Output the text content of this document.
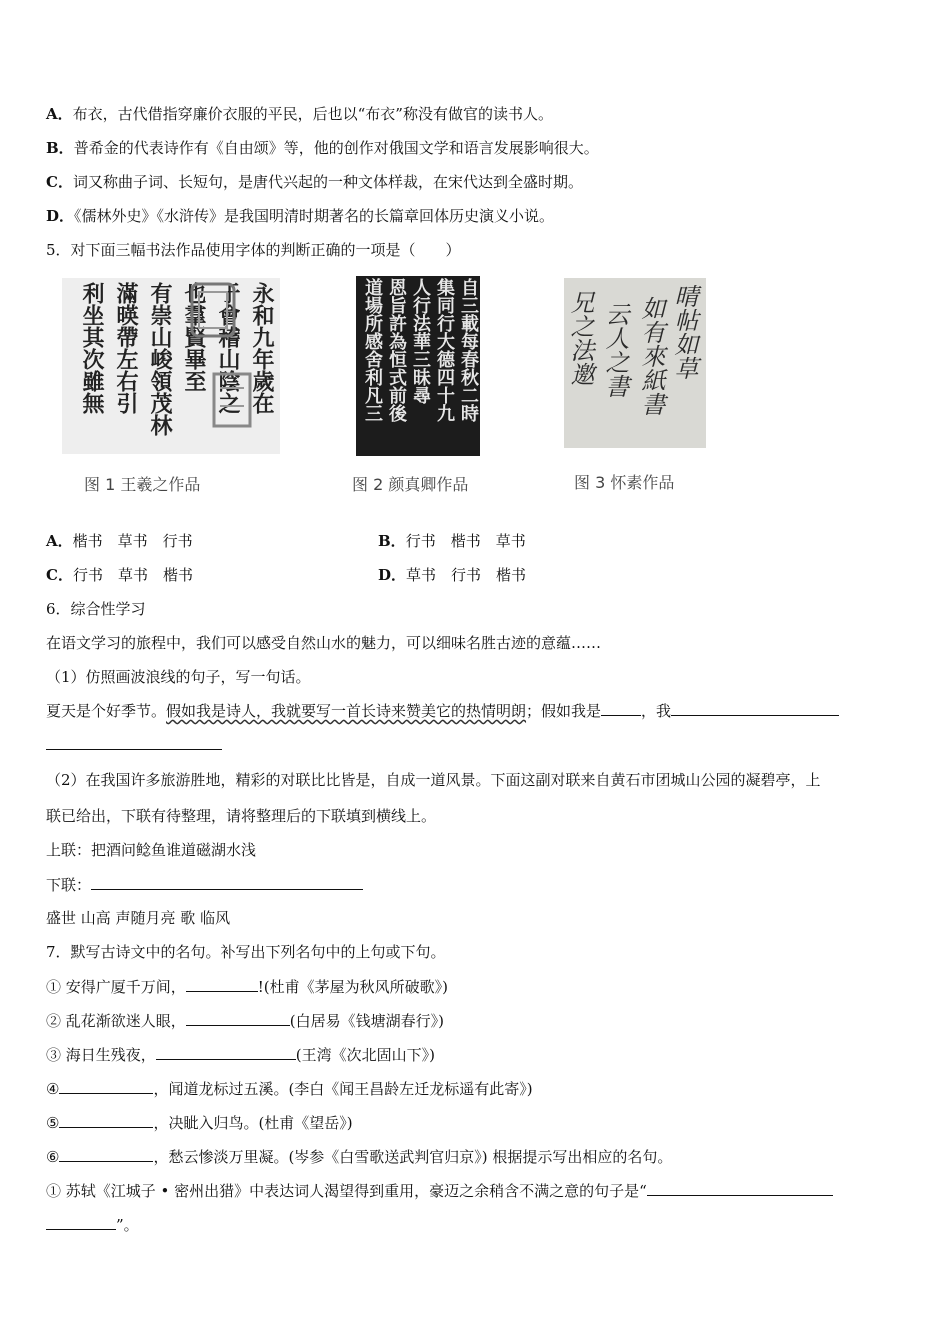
A．布衣，古代借指穿廉价衣服的平民，后也以“布衣”称没有做官的读书人。
B．普希金的代表诗作有《自由颂》等，他的创作对俄国文学和语言发展影响很大。
C．词又称曲子词、长短句，是唐代兴起的一种文体样裁，在宋代达到全盛时期。
D．《儒林外史》《水浒传》是我国明清时期著名的长篇章回体历史演义小说。
5．对下面三幅书法作品使用字体的判断正确的一项是（　　）
永和九年歲在
于會稽山陰之
也羣賢畢至
有崇山峻領茂林
滿暎帶左右引
利坐其次雖無
图 1 王羲之作品
自三載每春秋二時
集同行大德四十九
人行法華三昧尋
恩旨許為恒式前後
道場所感舍利凡三
图 2 颜真卿作品
晴帖如草
如有來紙書
云人之書
兄之法邀
图 3 怀素作品
A．楷书　草书　行书	B．行书　楷书　草书
C．行书　草书　楷书	D．草书　行书　楷书
6．综合性学习
在语文学习的旅程中，我们可以感受自然山水的魅力，可以细味名胜古迹的意蕴……
（1）仿照画波浪线的句子，写一句话。
夏天是个好季节。假如我是诗人，我就要写一首长诗来赞美它的热情明朗；假如我是	，我
（2）在我国许多旅游胜地，精彩的对联比比皆是，自成一道风景。下面这副对联来自黄石市团城山公园的凝碧亭，上
联已给出，下联有待整理，请将整理后的下联填到横线上。
上联：把酒问鲶鱼谁道磁湖水浅
下联：
盛世 山高 声随月亮 歌 临风
7．默写古诗文中的名句。补写出下列名句中的上句或下句。
① 安得广厦千万间，	!(杜甫《茅屋为秋风所破歌》)
② 乱花渐欲迷人眼，	(白居易《钱塘湖春行》)
③ 海日生残夜，	(王湾《次北固山下》)
④	，闻道龙标过五溪。(李白《闻王昌龄左迁龙标遥有此寄》)
⑤	，决眦入归鸟。(杜甫《望岳》)
⑥	，愁云惨淡万里凝。(岑参《白雪歌送武判官归京》) 根据提示写出相应的名句。
① 苏轼《江城子 • 密州出猎》中表达词人渴望得到重用，豪迈之余稍含不满之意的句子是“
”。
